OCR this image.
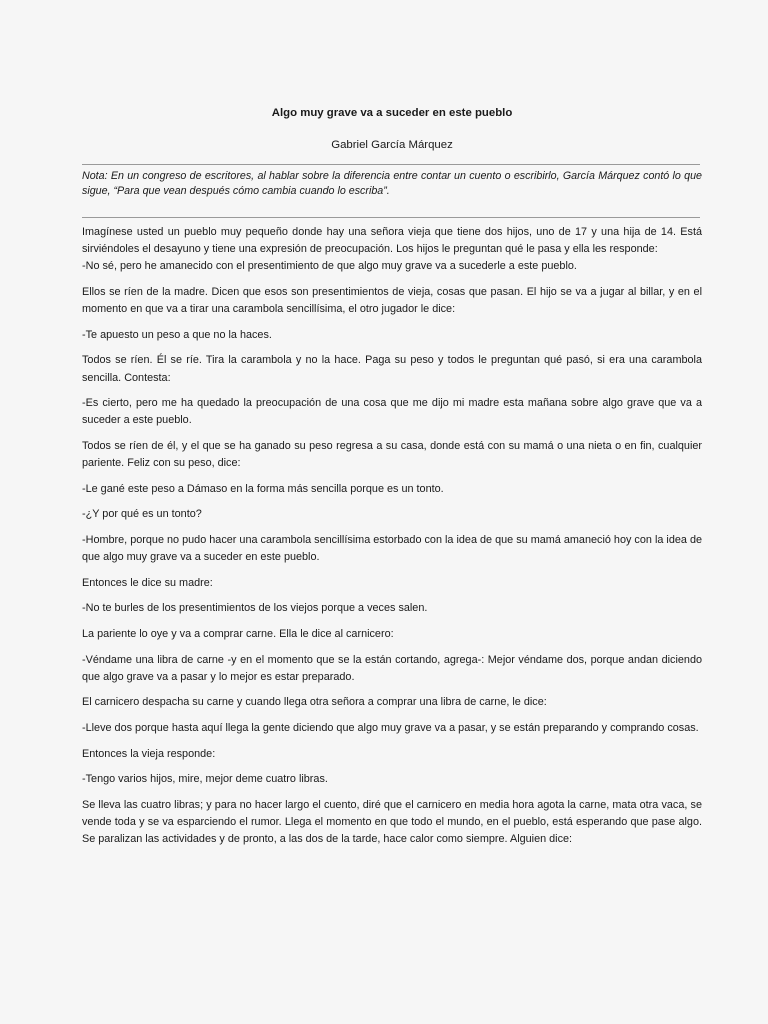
Algo muy grave va a suceder en este pueblo
Gabriel García Márquez
Nota: En un congreso de escritores, al hablar sobre la diferencia entre contar un cuento o escribirlo, García Márquez contó lo que sigue, “Para que vean después cómo cambia cuando lo escriba”.

Imagínese usted un pueblo muy pequeño donde hay una señora vieja que tiene dos hijos, uno de 17 y una hija de 14. Está sirviéndoles el desayuno y tiene una expresión de preocupación. Los hijos le preguntan qué le pasa y ella les responde:

-No sé, pero he amanecido con el presentimiento de que algo muy grave va a sucederle a este pueblo.

Ellos se ríen de la madre. Dicen que esos son presentimientos de vieja, cosas que pasan. El hijo se va a jugar al billar, y en el momento en que va a tirar una carambola sencillísima, el otro jugador le dice:

-Te apuesto un peso a que no la haces.

Todos se ríen. Él se ríe. Tira la carambola y no la hace. Paga su peso y todos le preguntan qué pasó, si era una carambola sencilla. Contesta:

-Es cierto, pero me ha quedado la preocupación de una cosa que me dijo mi madre esta mañana sobre algo grave que va a suceder a este pueblo.

Todos se ríen de él, y el que se ha ganado su peso regresa a su casa, donde está con su mamá o una nieta o en fin, cualquier pariente. Feliz con su peso, dice:

-Le gané este peso a Dámaso en la forma más sencilla porque es un tonto.

-¿Y por qué es un tonto?

-Hombre, porque no pudo hacer una carambola sencillísima estorbado con la idea de que su mamá amaneció hoy con la idea de que algo muy grave va a suceder en este pueblo.

Entonces le dice su madre:

-No te burles de los presentimientos de los viejos porque a veces salen.

La pariente lo oye y va a comprar carne. Ella le dice al carnicero:

-Véndame una libra de carne -y en el momento que se la están cortando, agrega-: Mejor véndame dos, porque andan diciendo que algo grave va a pasar y lo mejor es estar preparado.

El carnicero despacha su carne y cuando llega otra señora a comprar una libra de carne, le dice:

-Lleve dos porque hasta aquí llega la gente diciendo que algo muy grave va a pasar, y se están preparando y comprando cosas.

Entonces la vieja responde:

-Tengo varios hijos, mire, mejor deme cuatro libras.

Se lleva las cuatro libras; y para no hacer largo el cuento, diré que el carnicero en media hora agota la carne, mata otra vaca, se vende toda y se va esparciendo el rumor. Llega el momento en que todo el mundo, en el pueblo, está esperando que pase algo. Se paralizan las actividades y de pronto, a las dos de la tarde, hace calor como siempre. Alguien dice:
